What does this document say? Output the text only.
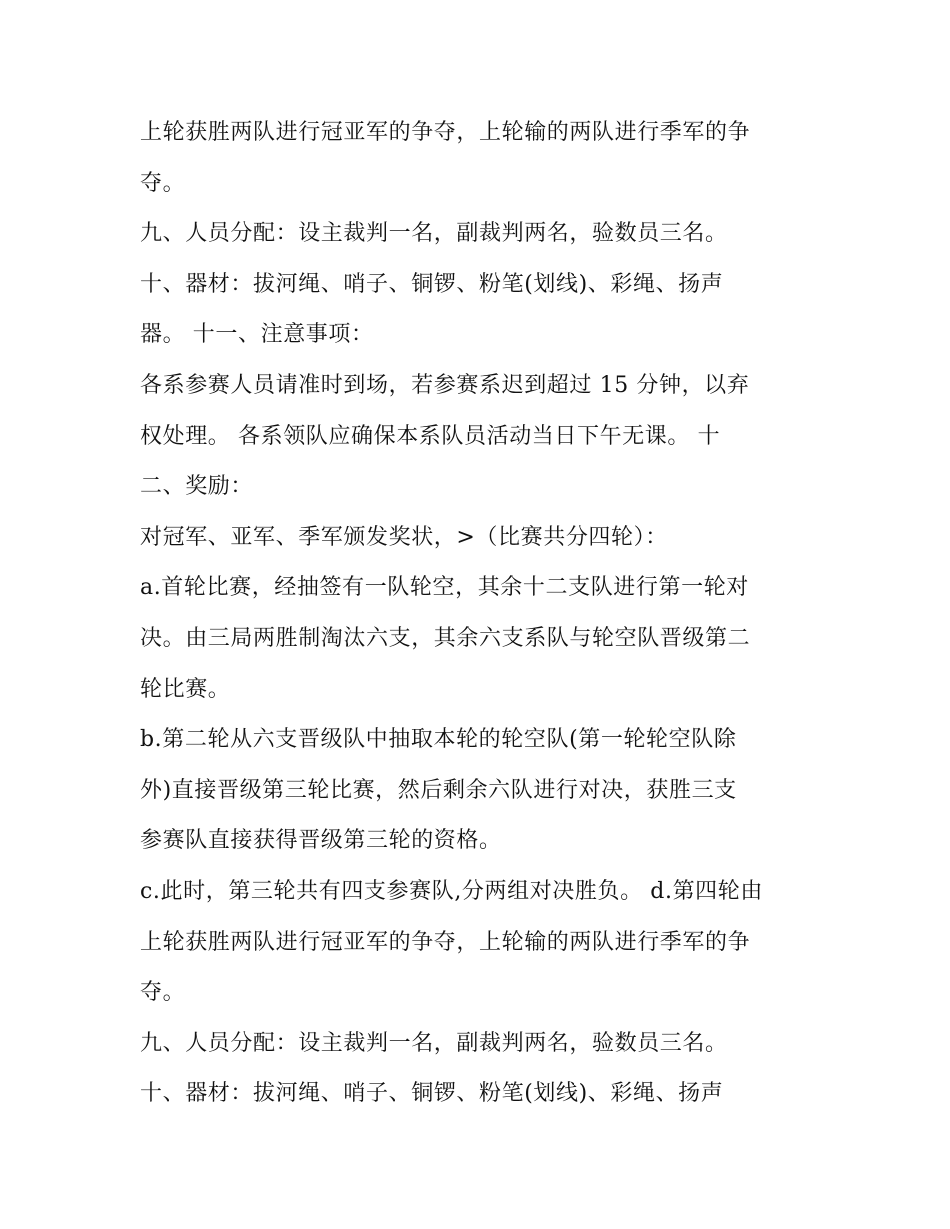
上轮获胜两队进行冠亚军的争夺，上轮输的两队进行季军的争
夺。
九、人员分配：设主裁判一名，副裁判两名，验数员三名。
十、器材：拔河绳、哨子、铜锣、粉笔(划线)、彩绳、扬声
器。 十一、注意事项：
各系参赛人员请准时到场，若参赛系迟到超过 15 分钟，以弃
权处理。 各系领队应确保本系队员活动当日下午无课。 十
二、奖励：
对冠军、亚军、季军颁发奖状，>（比赛共分四轮）：
a.首轮比赛，经抽签有一队轮空，其余十二支队进行第一轮对
决。由三局两胜制淘汰六支，其余六支系队与轮空队晋级第二
轮比赛。
b.第二轮从六支晋级队中抽取本轮的轮空队(第一轮轮空队除
外)直接晋级第三轮比赛，然后剩余六队进行对决，获胜三支
参赛队直接获得晋级第三轮的资格。
c.此时，第三轮共有四支参赛队,分两组对决胜负。 d.第四轮由
上轮获胜两队进行冠亚军的争夺，上轮输的两队进行季军的争
夺。
九、人员分配：设主裁判一名，副裁判两名，验数员三名。
十、器材：拔河绳、哨子、铜锣、粉笔(划线)、彩绳、扬声
